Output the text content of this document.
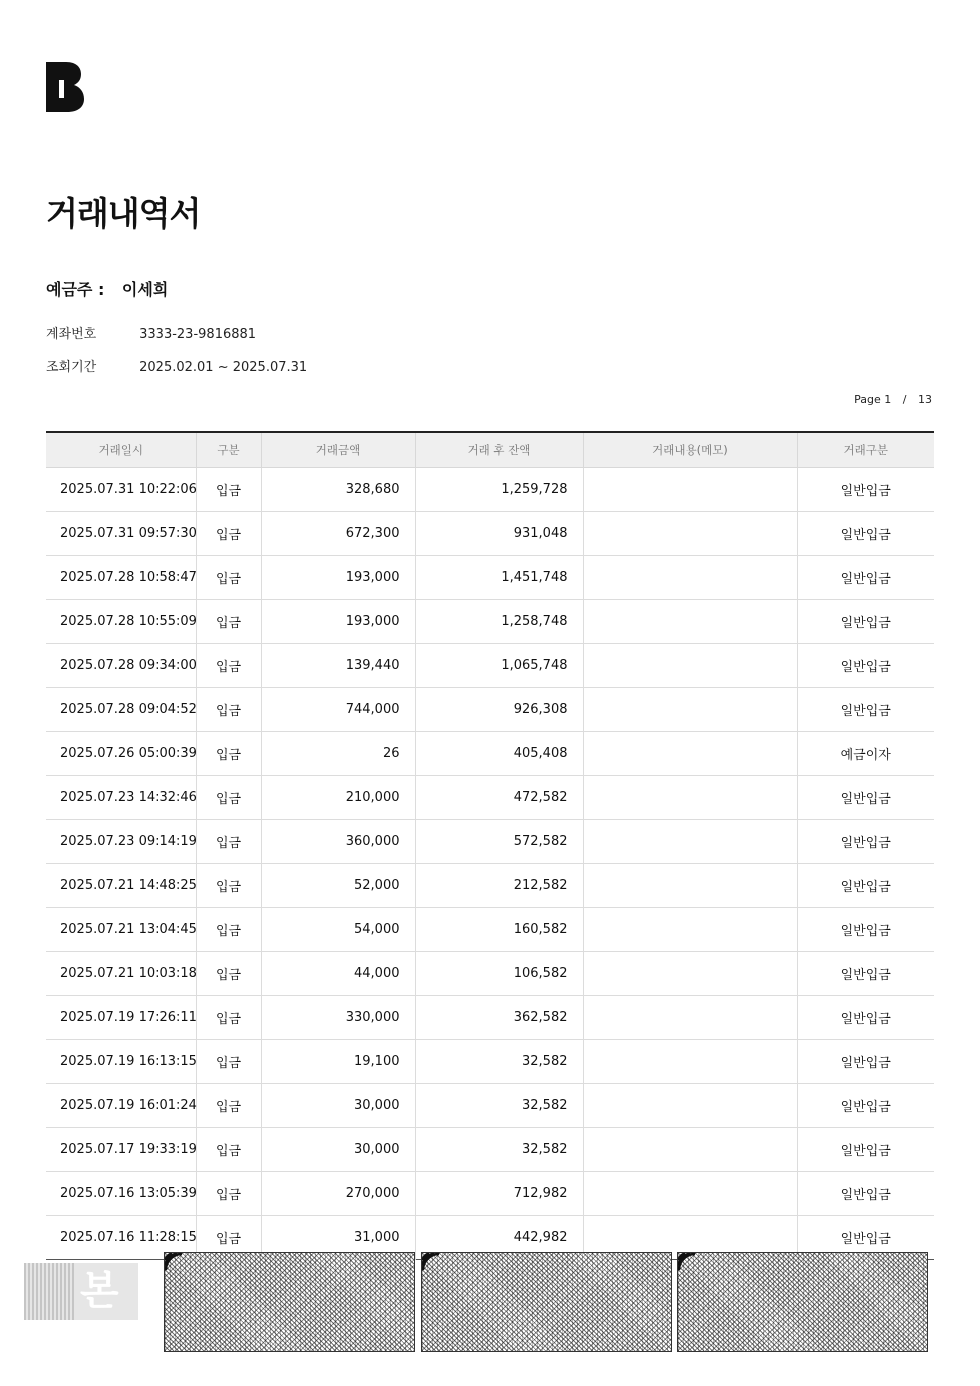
거래내역서
예금주 : 이세희
계좌번호	3333-23-9816881
조회기간	2025.02.01 ~ 2025.07.31
Page 1 / 13
거래일시	구분	거래금액	거래 후 잔액	거래내용(메모)	거래구분
2025.07.31 10:22:06	입금	328,680	1,259,728		일반입금
2025.07.31 09:57:30	입금	672,300	931,048		일반입금
2025.07.28 10:58:47	입금	193,000	1,451,748		일반입금
2025.07.28 10:55:09	입금	193,000	1,258,748		일반입금
2025.07.28 09:34:00	입금	139,440	1,065,748		일반입금
2025.07.28 09:04:52	입금	744,000	926,308		일반입금
2025.07.26 05:00:39	입금	26	405,408		예금이자
2025.07.23 14:32:46	입금	210,000	472,582		일반입금
2025.07.23 09:14:19	입금	360,000	572,582		일반입금
2025.07.21 14:48:25	입금	52,000	212,582		일반입금
2025.07.21 13:04:45	입금	54,000	160,582		일반입금
2025.07.21 10:03:18	입금	44,000	106,582		일반입금
2025.07.19 17:26:11	입금	330,000	362,582		일반입금
2025.07.19 16:13:15	입금	19,100	32,582		일반입금
2025.07.19 16:01:24	입금	30,000	32,582		일반입금
2025.07.17 19:33:19	입금	30,000	32,582		일반입금
2025.07.16 13:05:39	입금	270,000	712,982		일반입금
2025.07.16 11:28:15	입금	31,000	442,982		일반입금
본
